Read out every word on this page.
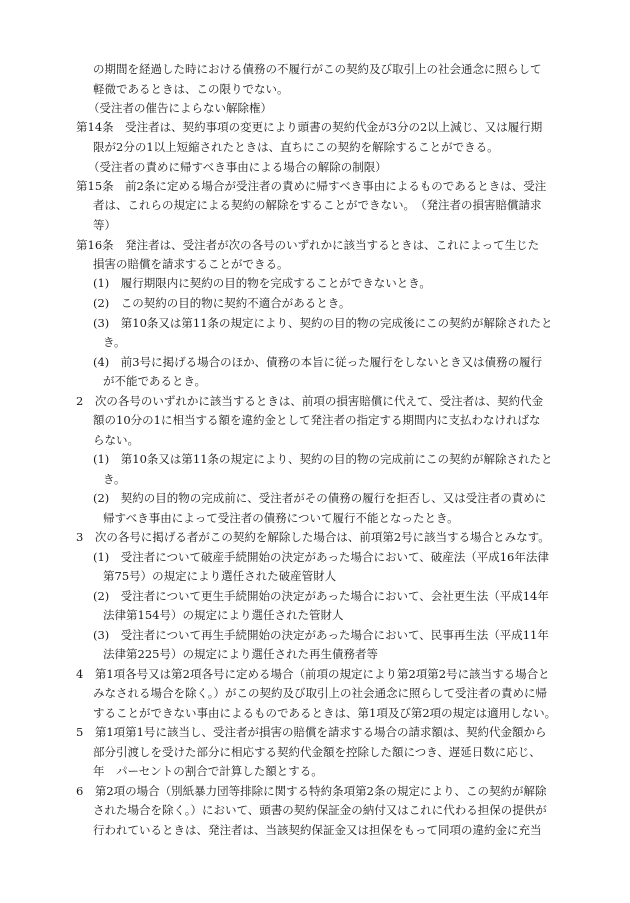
の期間を経過した時における債務の不履行がこの契約及び取引上の社会通念に照らして

軽微であるときは、この限りでない。

（受注者の催告によらない解除権）

第14条　受注者は、契約事項の変更により頭書の契約代金が3分の2以上減じ、又は履行期

限が2分の1以上短縮されたときは、直ちにこの契約を解除することができる。

（受注者の責めに帰すべき事由による場合の解除の制限）

第15条　前2条に定める場合が受注者の責めに帰すべき事由によるものであるときは、受注

者は、これらの規定による契約の解除をすることができない。　（発注者の損害賠償請求

等）

第16条　発注者は、受注者が次の各号のいずれかに該当するときは、これによって生じた

損害の賠償を請求することができる。

(1)　履行期限内に契約の目的物を完成することができないとき。

(2)　この契約の目的物に契約不適合があるとき。

(3)　第10条又は第11条の規定により、契約の目的物の完成後にこの契約が解除されたと

き。

(4)　前3号に掲げる場合のほか、債務の本旨に従った履行をしないとき又は債務の履行

が不能であるとき。

2　次の各号のいずれかに該当するときは、前項の損害賠償に代えて、受注者は、契約代金

額の10分の1に相当する額を違約金として発注者の指定する期間内に支払わなければな

らない。

(1)　第10条又は第11条の規定により、契約の目的物の完成前にこの契約が解除されたと

き。

(2)　契約の目的物の完成前に、受注者がその債務の履行を拒否し、又は受注者の責めに

帰すべき事由によって受注者の債務について履行不能となったとき。

3　次の各号に掲げる者がこの契約を解除した場合は、前項第2号に該当する場合とみなす。

(1)　受注者について破産手続開始の決定があった場合において、破産法（平成16年法律

第75号）の規定により選任された破産管財人

(2)　受注者について更生手続開始の決定があった場合において、会社更生法（平成14年

法律第154号）の規定により選任された管財人

(3)　受注者について再生手続開始の決定があった場合において、民事再生法（平成11年

法律第225号）の規定により選任された再生債務者等

4　第1項各号又は第2項各号に定める場合（前項の規定により第2項第2号に該当する場合と

みなされる場合を除く。）がこの契約及び取引上の社会通念に照らして受注者の責めに帰

することができない事由によるものであるときは、第1項及び第2項の規定は適用しない。

5　第1項第1号に該当し、受注者が損害の賠償を請求する場合の請求額は、契約代金額から

部分引渡しを受けた部分に相応する契約代金額を控除した額につき、遅延日数に応じ、

年　パーセントの割合で計算した額とする。

6　第2項の場合（別紙暴力団等排除に関する特約条項第2条の規定により、この契約が解除

された場合を除く。）において、頭書の契約保証金の納付又はこれに代わる担保の提供が

行われているときは、発注者は、当該契約保証金又は担保をもって同項の違約金に充当
